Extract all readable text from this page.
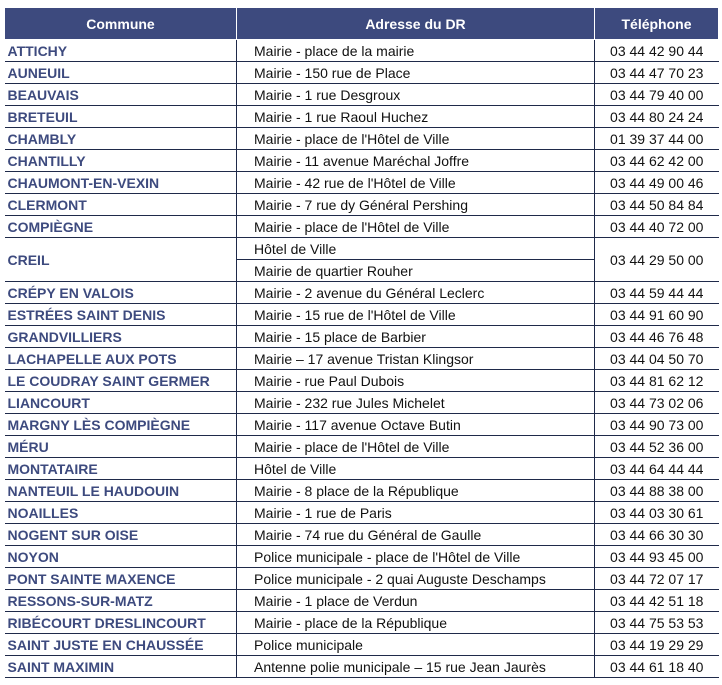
Commune	Adresse du DR	Téléphone
ATTICHY	Mairie - place de la mairie	03 44 42 90 44
AUNEUIL	Mairie - 150 rue de Place	03 44 47 70 23
BEAUVAIS	Mairie - 1 rue Desgroux	03 44 79 40 00
BRETEUIL	Mairie - 1 rue Raoul Huchez	03 44 80 24 24
CHAMBLY	Mairie - place de l'Hôtel de Ville	01 39 37 44 00
CHANTILLY	Mairie - 11 avenue Maréchal Joffre	03 44 62 42 00
CHAUMONT-EN-VEXIN	Mairie - 42 rue de l'Hôtel de Ville	03 44 49 00 46
CLERMONT	Mairie - 7 rue dy Général Pershing	03 44 50 84 84
COMPIÈGNE	Mairie - place de l'Hôtel de Ville	03 44 40 72 00
CREIL	Hôtel de Ville	03 44 29 50 00
	Mairie de quartier Rouher	
CRÉPY EN VALOIS	Mairie - 2 avenue du Général Leclerc	03 44 59 44 44
ESTRÉES SAINT DENIS	Mairie - 15 rue de l'Hôtel de Ville	03 44 91 60 90
GRANDVILLIERS	Mairie - 15 place de Barbier	03 44 46 76 48
LACHAPELLE AUX POTS	Mairie – 17 avenue Tristan Klingsor	03 44 04 50 70
LE COUDRAY SAINT GERMER	Mairie - rue Paul Dubois	03 44 81 62 12
LIANCOURT	Mairie - 232 rue Jules Michelet	03 44 73 02 06
MARGNY LÈS COMPIÈGNE	Mairie - 117 avenue Octave Butin	03 44 90 73 00
MÉRU	Mairie - place de l'Hôtel de Ville	03 44 52 36 00
MONTATAIRE	Hôtel de Ville	03 44 64 44 44
NANTEUIL LE HAUDOUIN	Mairie - 8 place de la République	03 44 88 38 00
NOAILLES	Mairie - 1 rue de Paris	03 44 03 30 61
NOGENT SUR OISE	Mairie - 74 rue du Général de Gaulle	03 44 66 30 30
NOYON	Police municipale - place de l'Hôtel de Ville	03 44 93 45 00
PONT SAINTE MAXENCE	Police municipale - 2 quai Auguste Deschamps	03 44 72 07 17
RESSONS-SUR-MATZ	Mairie - 1 place de Verdun	03 44 42 51 18
RIBÉCOURT DRESLINCOURT	Mairie - place de la République	03 44 75 53 53
SAINT JUSTE EN CHAUSSÉE	Police municipale	03 44 19 29 29
SAINT MAXIMIN	Antenne polie municipale – 15 rue Jean Jaurès	03 44 61 18 40
